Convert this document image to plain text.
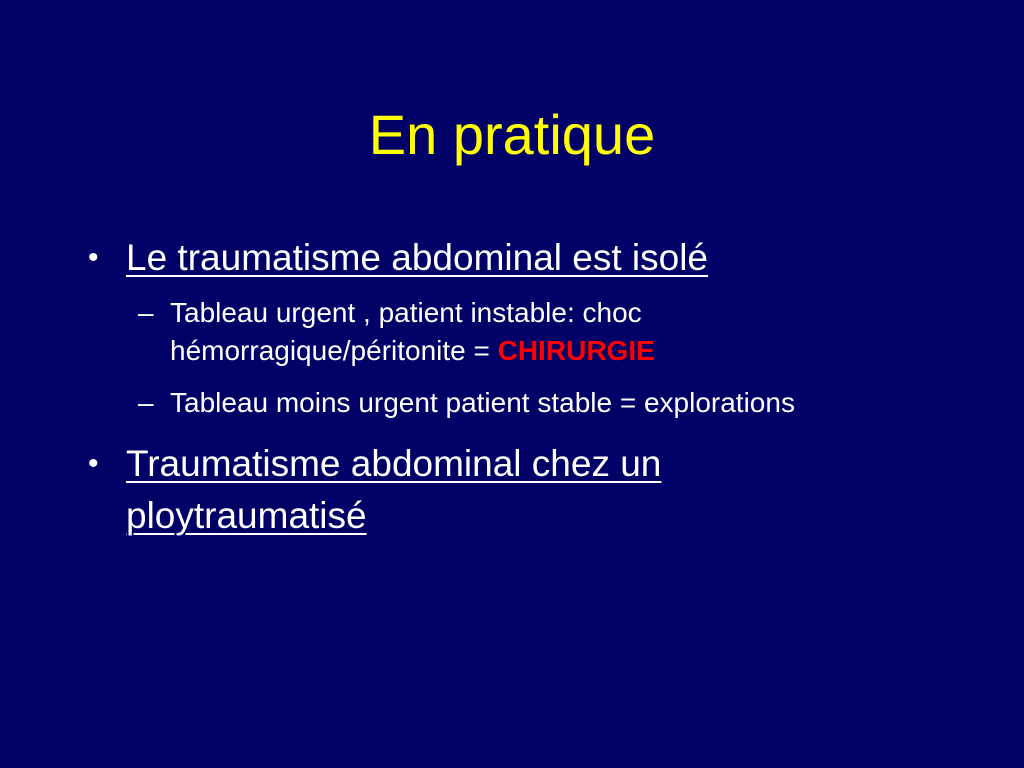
En pratique
• Le traumatisme abdominal est isolé
– Tableau urgent , patient instable: choc
hémorragique/péritonite = CHIRURGIE
– Tableau moins urgent patient stable = explorations
• Traumatisme abdominal chez un
ploytraumatisé
